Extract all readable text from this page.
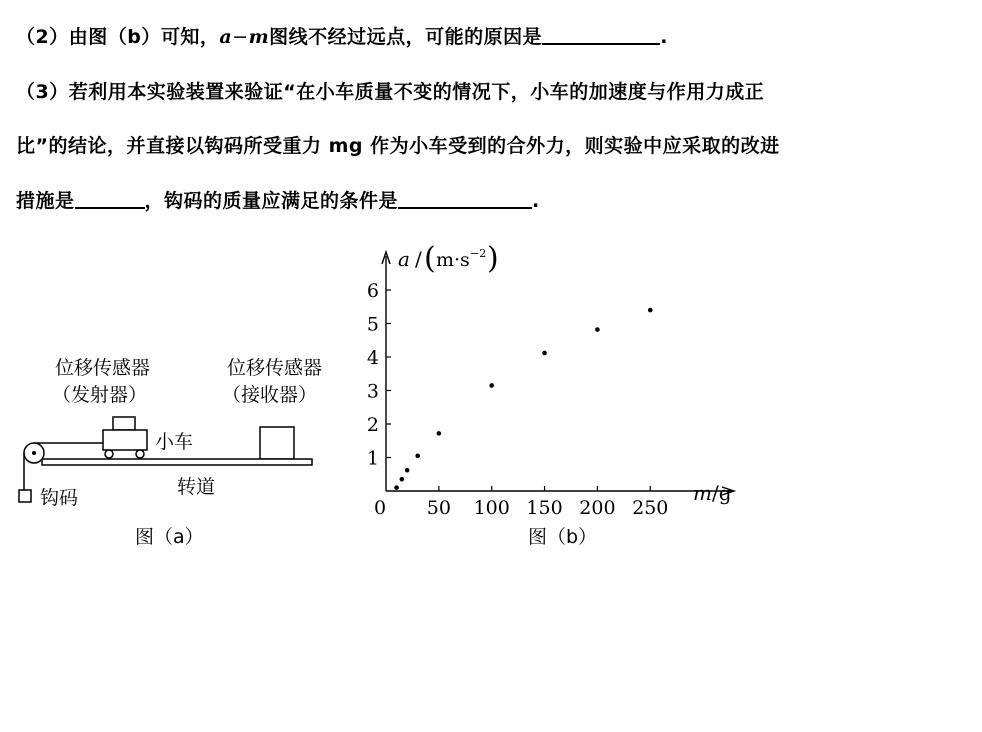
（2）由图（b）可知，a−m图线不经过远点，可能的原因是	.
（3）若利用本实验装置来验证“在小车质量不变的情况下，小车的加速度与作用力成正
比”的结论，并直接以钩码所受重力 mg 作为小车受到的合外力，则实验中应采取的改进
措施是	，钩码的质量应满足的条件是	.
位移传感器
（发射器）
位移传感器
（接收器）
小车
转道
钩码
图（a）
0 50 100 150 200 250
1
2
3
4
5
6
a / ( m·s −2 )
m /g
图（b）
